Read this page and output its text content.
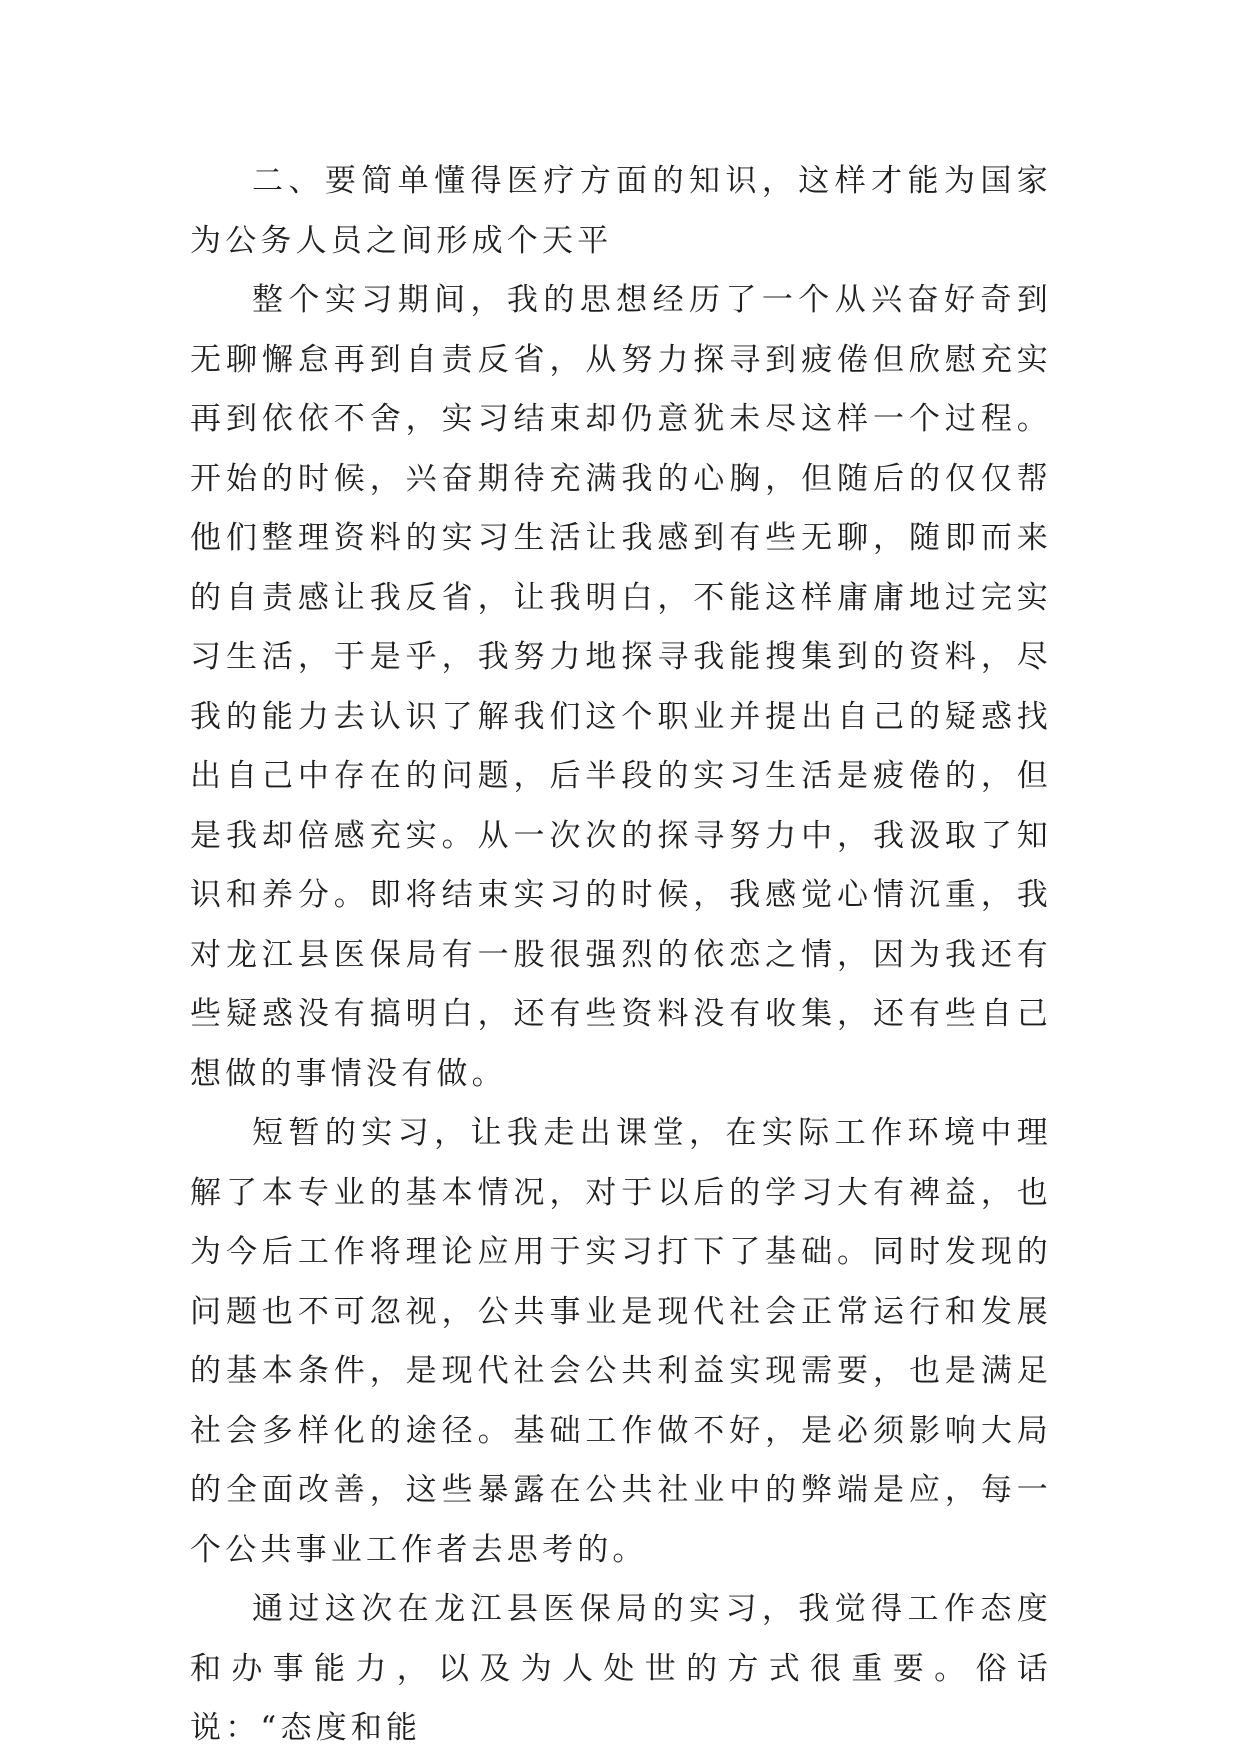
二、要简单懂得医疗方面的知识，这样才能为国家为公务人员之间形成个天平

整个实习期间，我的思想经历了一个从兴奋好奇到无聊懈怠再到自责反省，从努力探寻到疲倦但欣慰充实再到依依不舍，实习结束却仍意犹未尽这样一个过程。开始的时候，兴奋期待充满我的心胸，但随后的仅仅帮他们整理资料的实习生活让我感到有些无聊，随即而来的自责感让我反省，让我明白，不能这样庸庸地过完实习生活，于是乎，我努力地探寻我能搜集到的资料，尽我的能力去认识了解我们这个职业并提出自己的疑惑找出自己中存在的问题，后半段的实习生活是疲倦的，但是我却倍感充实。从一次次的探寻努力中，我汲取了知识和养分。即将结束实习的时候，我感觉心情沉重，我对龙江县医保局有一股很强烈的依恋之情，因为我还有些疑惑没有搞明白，还有些资料没有收集，还有些自己想做的事情没有做。

短暂的实习，让我走出课堂，在实际工作环境中理解了本专业的基本情况，对于以后的学习大有裨益，也为今后工作将理论应用于实习打下了基础。同时发现的问题也不可忽视，公共事业是现代社会正常运行和发展的基本条件，是现代社会公共利益实现需要，也是满足社会多样化的途径。基础工作做不好，是必须影响大局的全面改善，这些暴露在公共社业中的弊端是应，每一个公共事业工作者去思考的。

通过这次在龙江县医保局的实习，我觉得工作态度和办事能力，以及为人处世的方式很重要。俗话说：“态度和能
